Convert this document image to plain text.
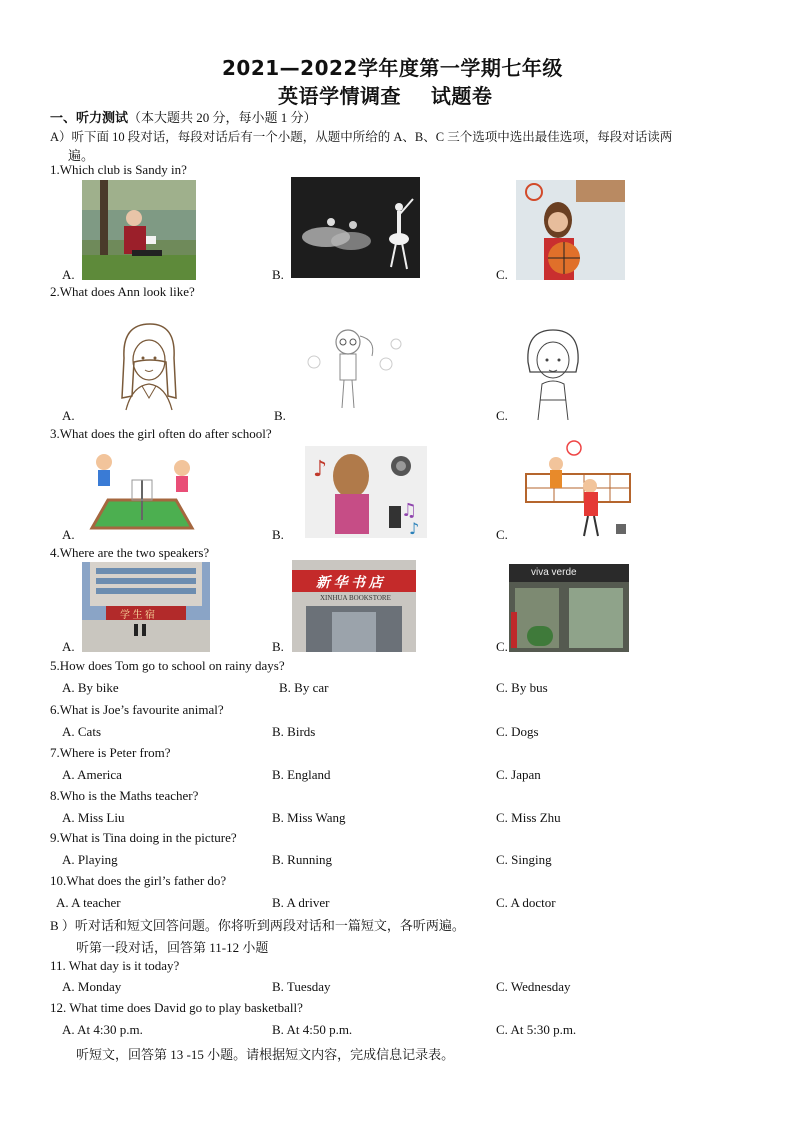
2021—2022学年度第一学期七年级
英语学情调查    试题卷
一、听力测试（本大题共 20 分，每小题 1 分）
A）听下面 10 段对话，每段对话后有一个小题，从题中所给的 A、B、C 三个选项中选出最佳选项，每段对话读两
遍。
1.Which club is Sandy in?
A.	B.	C.
2.What does Ann look like?
A.	B.	C.
3.What does the girl often do after school?
A.	B.
♪
♫
♪	C.
4.Where are the two speakers?
A.
学 生 宿
B.
新 华 书 店
XINHUA BOOKSTORE
C.
viva verde
5.How does Tom go to school on rainy days?
A. By bike	B. By car	C. By bus
6.What is Joe’s favourite animal?
A. Cats	B. Birds	C. Dogs
7.Where is Peter from?
A. America	B. England	C. Japan
8.Who is the Maths teacher?
A. Miss Liu	B. Miss Wang	C. Miss Zhu
9.What is Tina doing in the picture?
A. Playing	B. Running	C. Singing
10.What does the girl’s father do?
A. A teacher	B. A driver	C. A doctor
B ）听对话和短文回答问题。你将听到两段对话和一篇短文，各听两遍。
听第一段对话，回答第 11-12 小题
11. What day is it today?
A. Monday	B. Tuesday	C. Wednesday
12. What time does David go to play basketball?
A. At 4:30 p.m.	B. At 4:50 p.m.	C. At 5:30 p.m.
听短文，回答第 13 -15 小题。请根据短文内容，完成信息记录表。
